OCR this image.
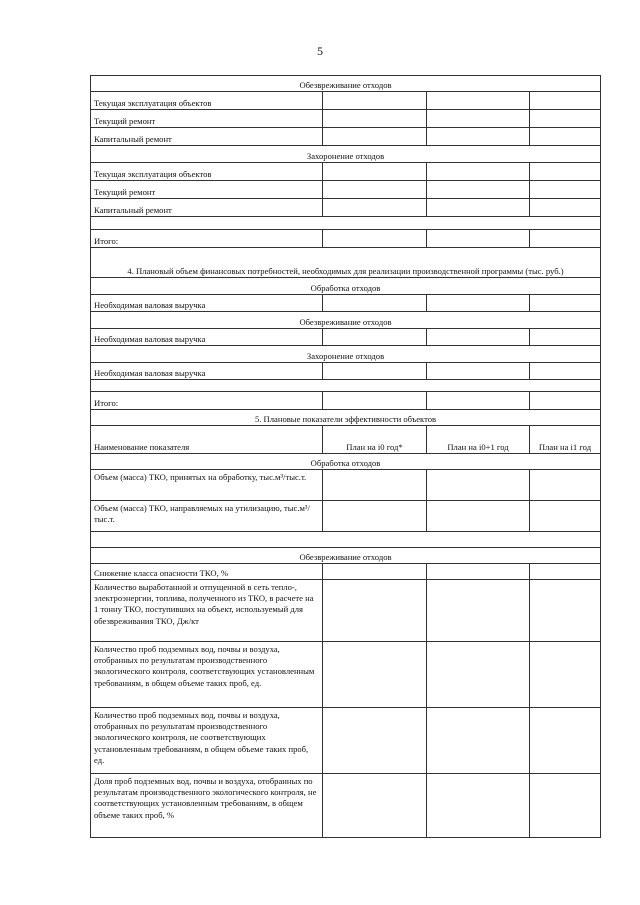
5
Обезвреживание отходов			
Текущая эксплуатация объектов			
Текущий ремонт			
Капитальный ремонт			
Захоронение отходов			
Текущая эксплуатация объектов			
Текущий ремонт			
Капитальный ремонт			

Итого:			
4. Плановый объем финансовых потребностей, необходимых для реализации производственной программы (тыс. руб.)			
Обработка отходов			
Необходимая валовая выручка			
Обезвреживание отходов			
Необходимая валовая выручка			
Захоронение отходов			
Необходимая валовая выручка			

Итого:			
5. Плановые показатели эффективности объектов			
Наименование показателя	План на i0 год*	План на i0+1 год	План на i1 год
Обработка отходов			
Объем (масса) ТКО, принятых на обработку, тыс.м³/тыс.т.			
Объем (масса) ТКО, направляемых на утилизацию, тыс.м³/тыс.т.			

Обезвреживание отходов			
Снижение класса опасности ТКО, %			
Количество выработанной и отпущенной в сеть тепло-, электроэнергии, топлива, полученного из ТКО, в расчете на 1 тонну ТКО, поступивших на объект, используемый для обезвреживания ТКО, Дж/кт			
Количество проб подземных вод, почвы и воздуха, отобранных по результатам производственного экологического контроля, соответствующих установленным требованиям, в общем объеме таких проб, ед.			
Количество проб подземных вод, почвы и воздуха, отобранных по результатам производственного экологического контроля, не соответствующих установленным требованиям, в общем объеме таких проб, ед.			
Доля проб подземных вод, почвы и воздуха, отобранных по результатам производственного экологического контроля, не соответствующих установленным требованиям, в общем объеме таких проб, %			
